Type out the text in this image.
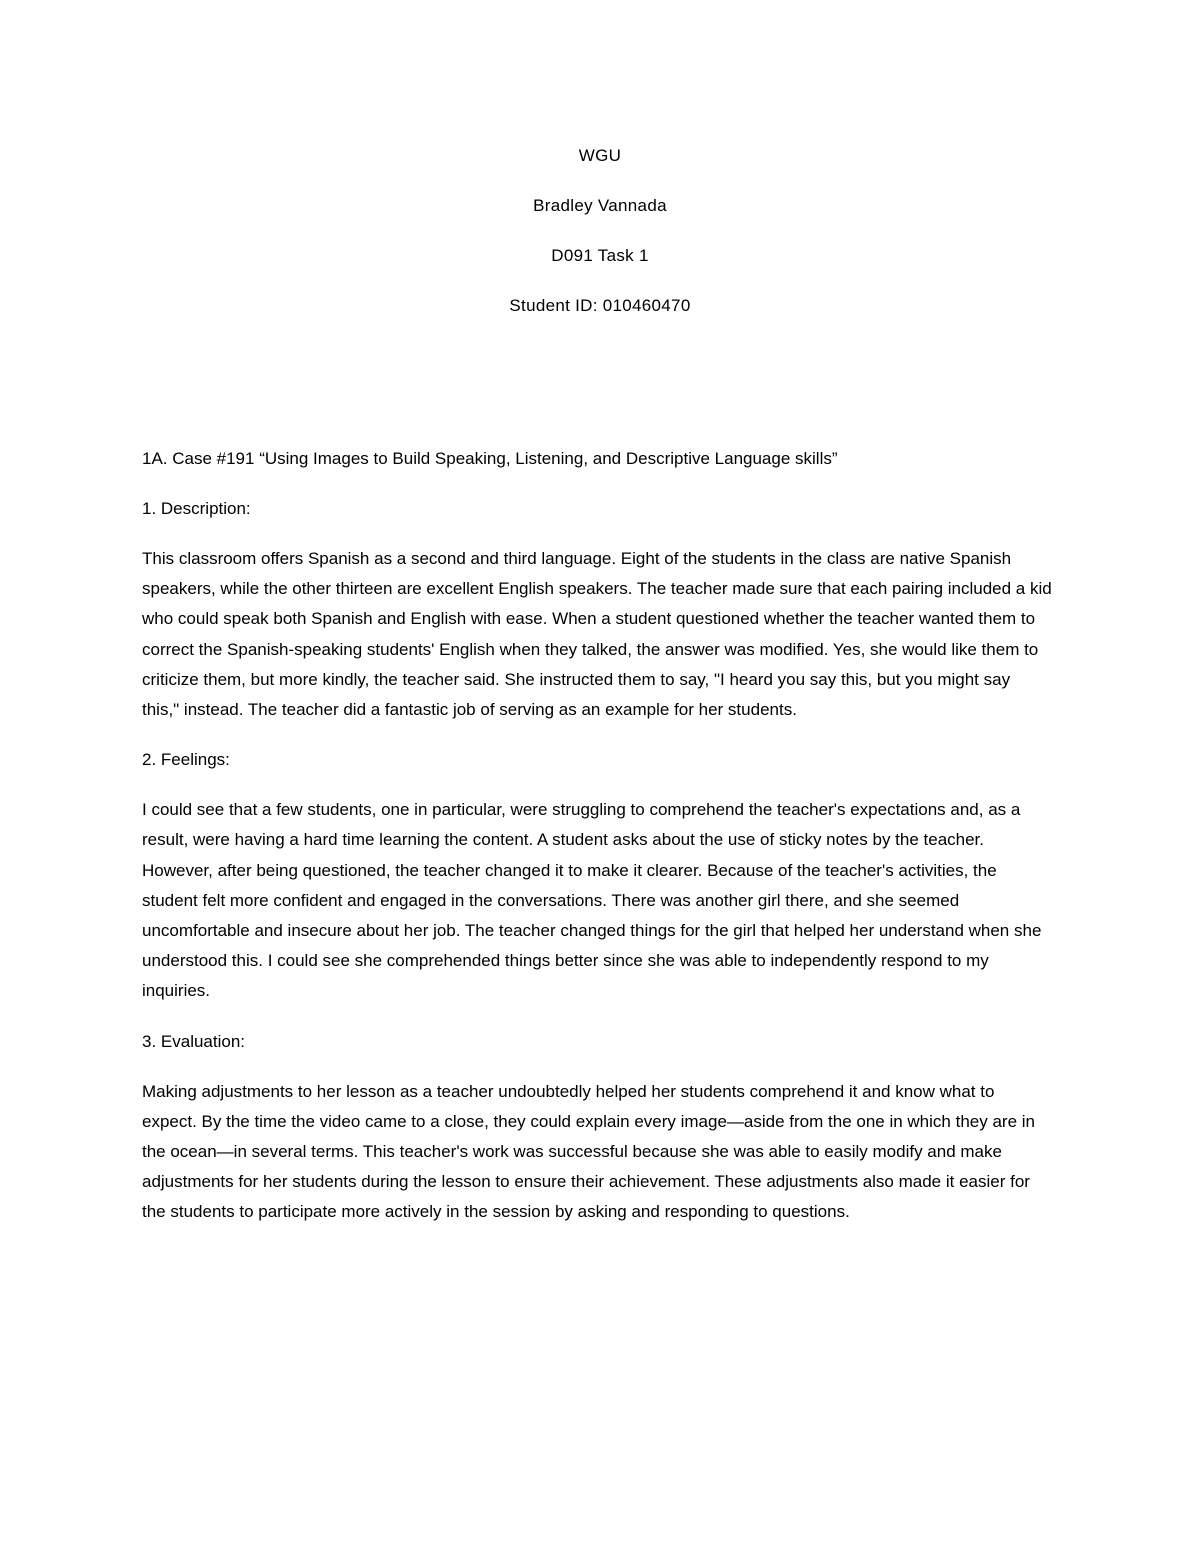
WGU
Bradley Vannada
D091 Task 1
Student ID: 010460470
1A. Case #191 “Using Images to Build Speaking, Listening, and Descriptive Language skills”
1. Description:

This classroom offers Spanish as a second and third language. Eight of the students in the class are native Spanish speakers, while the other thirteen are excellent English speakers. The teacher made sure that each pairing included a kid who could speak both Spanish and English with ease. When a student questioned whether the teacher wanted them to correct the Spanish-speaking students' English when they talked, the answer was modified. Yes, she would like them to criticize them, but more kindly, the teacher said. She instructed them to say, "I heard you say this, but you might say this," instead. The teacher did a fantastic job of serving as an example for her students.

2. Feelings:

I could see that a few students, one in particular, were struggling to comprehend the teacher's expectations and, as a result, were having a hard time learning the content. A student asks about the use of sticky notes by the teacher. However, after being questioned, the teacher changed it to make it clearer. Because of the teacher's activities, the student felt more confident and engaged in the conversations. There was another girl there, and she seemed uncomfortable and insecure about her job. The teacher changed things for the girl that helped her understand when she understood this. I could see she comprehended things better since she was able to independently respond to my inquiries.

3. Evaluation:

Making adjustments to her lesson as a teacher undoubtedly helped her students comprehend it and know what to expect. By the time the video came to a close, they could explain every image—aside from the one in which they are in the ocean—in several terms. This teacher's work was successful because she was able to easily modify and make adjustments for her students during the lesson to ensure their achievement. These adjustments also made it easier for the students to participate more actively in the session by asking and responding to questions.
